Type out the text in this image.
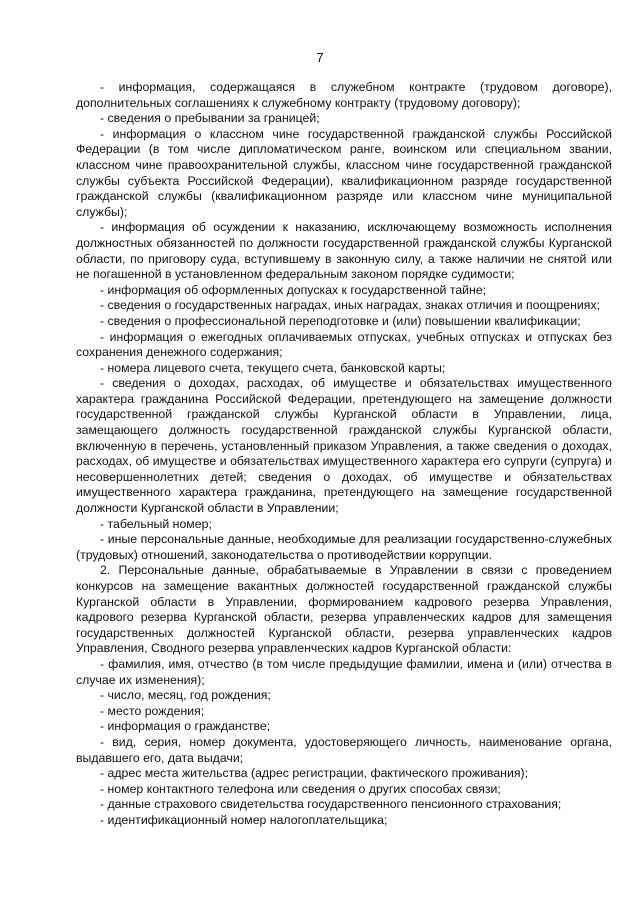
7

- информация, содержащаяся в служебном контракте (трудовом договоре), дополнительных соглашениях к служебному контракту (трудовому договору);

- сведения о пребывании за границей;

- информация о классном чине государственной гражданской службы Российской Федерации (в том числе дипломатическом ранге, воинском или специальном звании, классном чине правоохранительной службы, классном чине государственной гражданской службы субъекта Российской Федерации), квалификационном разряде государственной гражданской службы (квалификационном разряде или классном чине муниципальной службы);

- информация об осуждении к наказанию, исключающему возможность исполнения должностных обязанностей по должности государственной гражданской службы Курганской области, по приговору суда, вступившему в законную силу, а также наличии не снятой или не погашенной в установленном федеральным законом порядке судимости;

- информация об оформленных допусках к государственной тайне;

- сведения о государственных наградах, иных наградах, знаках отличия и поощрениях;

- сведения о профессиональной переподготовке и (или) повышении квалификации;

- информация о ежегодных оплачиваемых отпусках, учебных отпусках и отпусках без сохранения денежного содержания;

- номера лицевого счета, текущего счета, банковской карты;

- сведения о доходах, расходах, об имуществе и обязательствах имущественного характера гражданина Российской Федерации, претендующего на замещение должности государственной гражданской службы Курганской области в Управлении, лица, замещающего должность государственной гражданской службы Курганской области, включенную в перечень, установленный приказом Управления, а также сведения о доходах, расходах, об имуществе и обязательствах имущественного характера его супруги (супруга) и несовершеннолетних детей; сведения о доходах, об имуществе и обязательствах имущественного характера гражданина, претендующего на замещение государственной должности Курганской области в Управлении;

- табельный номер;

- иные персональные данные, необходимые для реализации государственно-служебных (трудовых) отношений, законодательства о противодействии коррупции.

2. Персональные данные, обрабатываемые в Управлении в связи с проведением конкурсов на замещение вакантных должностей государственной гражданской службы Курганской области в Управлении, формированием кадрового резерва Управления, кадрового резерва Курганской области, резерва управленческих кадров для замещения государственных должностей Курганской области, резерва управленческих кадров Управления, Сводного резерва управленческих кадров Курганской области:

- фамилия, имя, отчество (в том числе предыдущие фамилии, имена и (или) отчества в случае их изменения);

- число, месяц, год рождения;

- место рождения;

- информация о гражданстве;

- вид, серия, номер документа, удостоверяющего личность, наименование органа, выдавшего его, дата выдачи;

- адрес места жительства (адрес регистрации, фактического проживания);

- номер контактного телефона или сведения о других способах связи;

- данные страхового свидетельства государственного пенсионного страхования;

- идентификационный номер налогоплательщика;
